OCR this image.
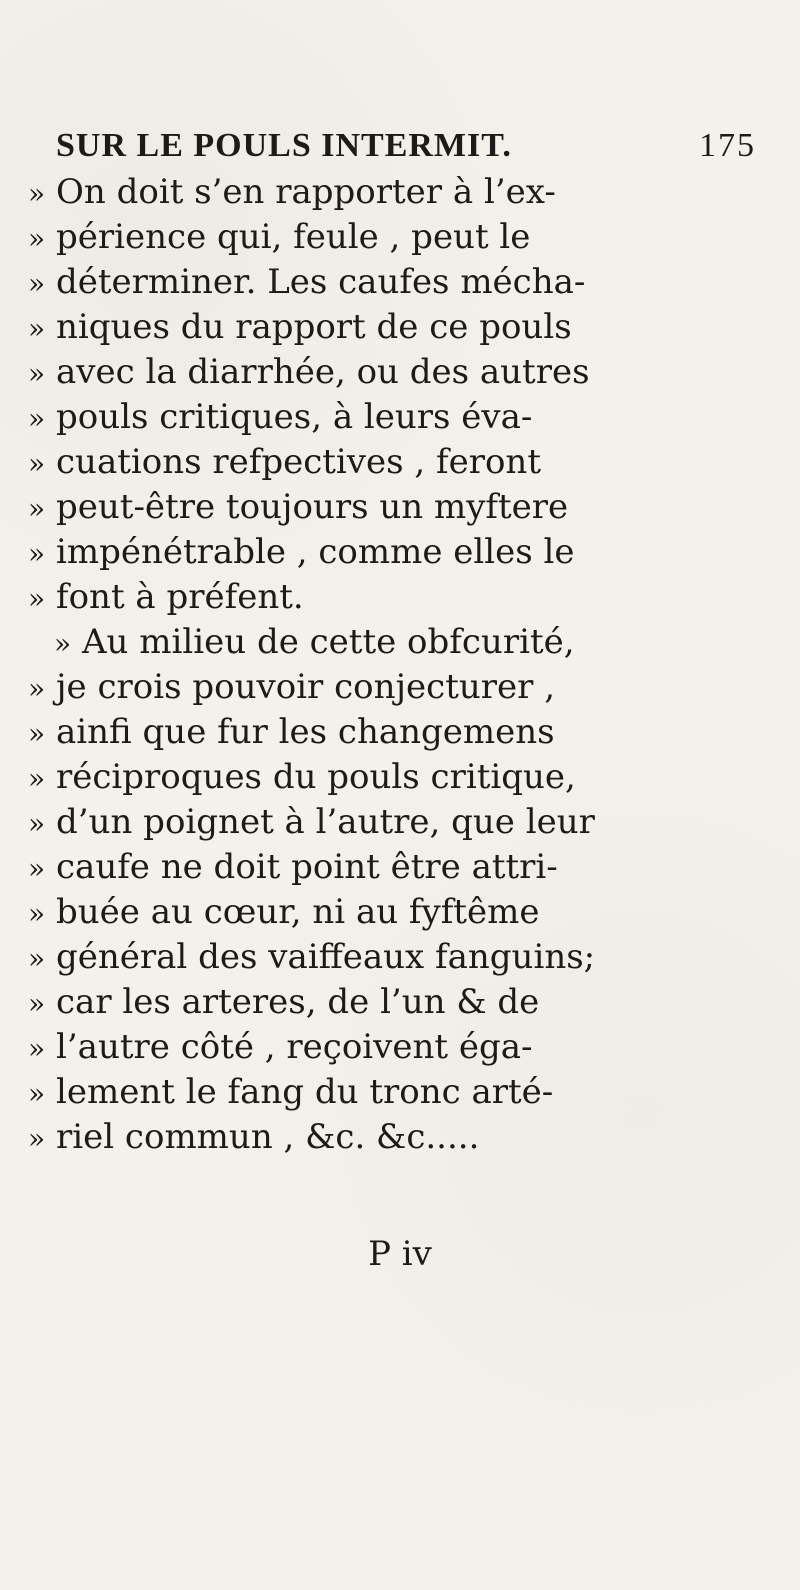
SUR LE POULS INTERMIT.	175
» On doit s’en rapporter à l’ex-
» périence qui, feule , peut le
» déterminer. Les caufes mécha-
» niques du rapport de ce pouls
» avec la diarrhée, ou des autres
» pouls critiques, à leurs éva-
» cuations refpectives , feront
» peut-être toujours un myftere
» impénétrable , comme elles le
» font à préfent.
» Au milieu de cette obfcurité,
» je crois pouvoir conjecturer ,
» ainfi que fur les changemens
» réciproques du pouls critique,
» d’un poignet à l’autre, que leur
» caufe ne doit point être attri-
» buée au cœur, ni au fyftême
» général des vaiffeaux fanguins;
» car les arteres, de l’un & de
» l’autre côté , reçoivent éga-
» lement le fang du tronc arté-
» riel commun , &c. &c.....
P iv
